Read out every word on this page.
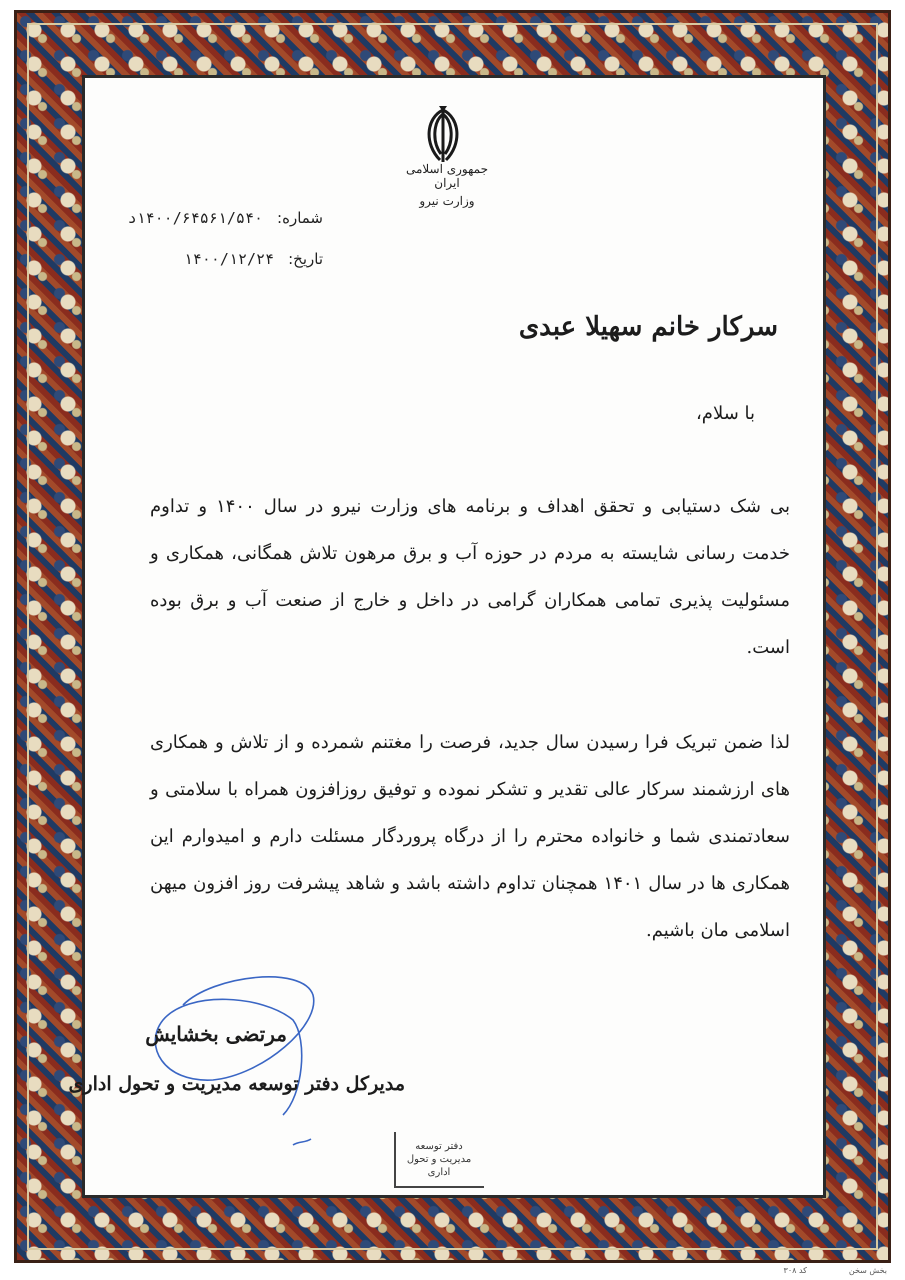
جمهوری اسلامی ایران
وزارت نیرو
شماره:
۱۴۰۰/۶۴۵۶۱/۵۴۰د
تاریخ:
۱۴۰۰/۱۲/۲۴
سرکار خانم سهیلا عبدی
با سلام،

بی شک دستیابی و تحقق اهداف و برنامه های وزارت نیرو در سال ۱۴۰۰ و تداوم خدمت رسانی شایسته به مردم در حوزه آب و برق مرهون تلاش همگانی، همکاری و مسئولیت پذیری تمامی همکاران گرامی در داخل و خارج از صنعت آب و برق بوده است.

لذا ضمن تبریک فرا رسیدن سال جدید، فرصت را مغتنم شمرده و از تلاش و همکاری های ارزشمند سرکار عالی تقدیر و تشکر نموده و توفیق روزافزون همراه با سلامتی و سعادتمندی شما و خانواده محترم را از درگاه پروردگار مسئلت دارم و امیدوارم این همکاری ها در سال ۱۴۰۱ همچنان تداوم داشته باشد و شاهد پیشرفت روز افزون میهن اسلامی مان باشیم.

مرتضی بخشایش
مدیرکل دفتر توسعه مدیریت و تحول اداری
دفتر توسعه مدیریت و تحول اداری
کد ۳۰۸	بخش سخن
